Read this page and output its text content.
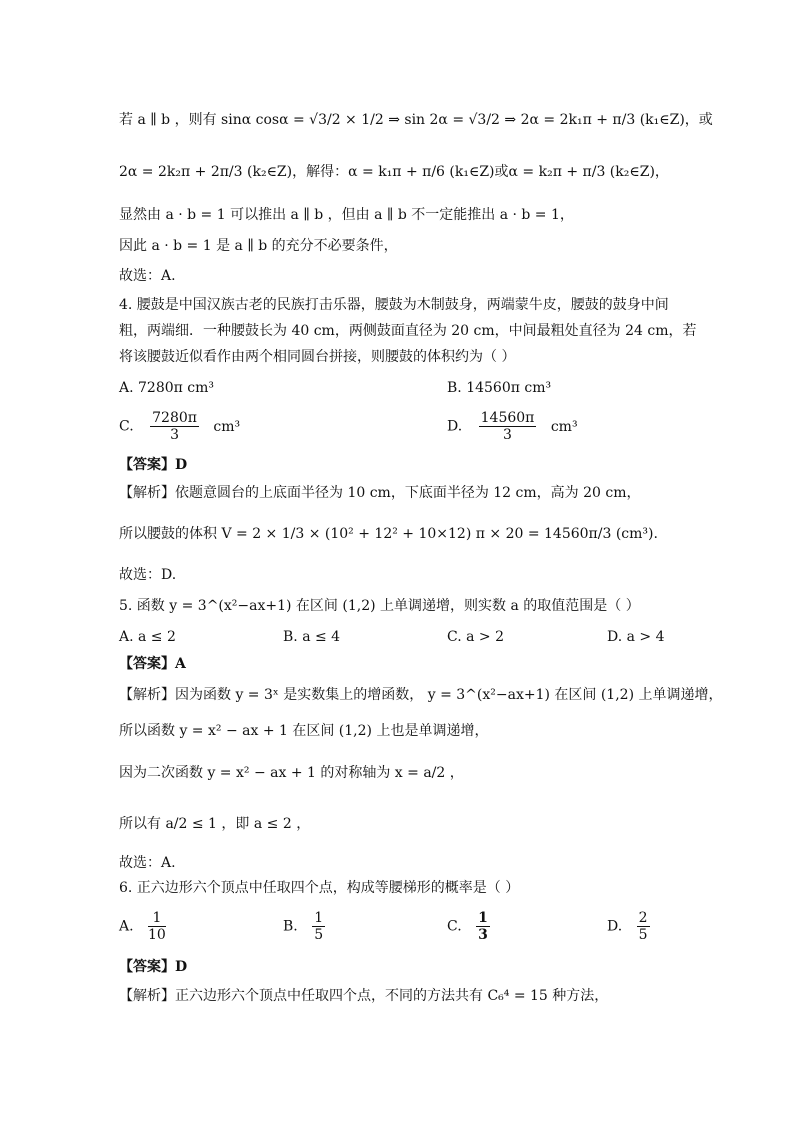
若 a ∥ b ，则有 sinα cosα = √3/2 × 1/2 ⇒ sin 2α = √3/2 ⇒ 2α = 2k₁π + π/3 (k₁∈Z)，或
2α = 2k₂π + 2π/3 (k₂∈Z)，解得：α = k₁π + π/6 (k₁∈Z)或α = k₂π + π/3 (k₂∈Z)，
显然由 a · b = 1 可以推出 a ∥ b ，但由 a ∥ b 不一定能推出 a · b = 1，
因此 a · b = 1 是 a ∥ b 的充分不必要条件，
故选：A.
4. 腰鼓是中国汉族古老的民族打击乐器，腰鼓为木制鼓身，两端蒙牛皮，腰鼓的鼓身中间
粗，两端细．一种腰鼓长为 40 cm，两侧鼓面直径为 20 cm，中间最粗处直径为 24 cm，若
将该腰鼓近似看作由两个相同圆台拼接，则腰鼓的体积约为（ ）
A. 7280π cm³	B. 14560π cm³
C. $\frac{7280\pi}{3} cm^3$	D. $\frac{14560\pi}{3} cm^3$
【答案】D
【解析】依题意圆台的上底面半径为 10 cm，下底面半径为 12 cm，高为 20 cm，
所以腰鼓的体积 V = 2 × 1/3 × (10² + 12² + 10×12) π × 20 = 14560π/3 (cm³).
故选：D.
5. 函数 y = 3^(x²−ax+1) 在区间 (1,2) 上单调递增，则实数 a 的取值范围是（ ）
A. a ≤ 2	B. a ≤ 4	C. a > 2	D. a > 4
【答案】A
【解析】因为函数 y = 3ˣ 是实数集上的增函数， y = 3^(x²−ax+1) 在区间 (1,2) 上单调递增，
所以函数 y = x² − ax + 1 在区间 (1,2) 上也是单调递增，
因为二次函数 y = x² − ax + 1 的对称轴为 x = a/2 ，
所以有 a/2 ≤ 1 ，即 a ≤ 2 ，
故选：A.
6. 正六边形六个顶点中任取四个点，构成等腰梯形的概率是（ ）
A. $\frac{1}{10}$	B. $\frac{1}{5}$	C. $\frac{1}{3}$	D. $\frac{2}{5}$
【答案】D
【解析】正六边形六个顶点中任取四个点，不同的方法共有 C₆⁴ = 15 种方法，
